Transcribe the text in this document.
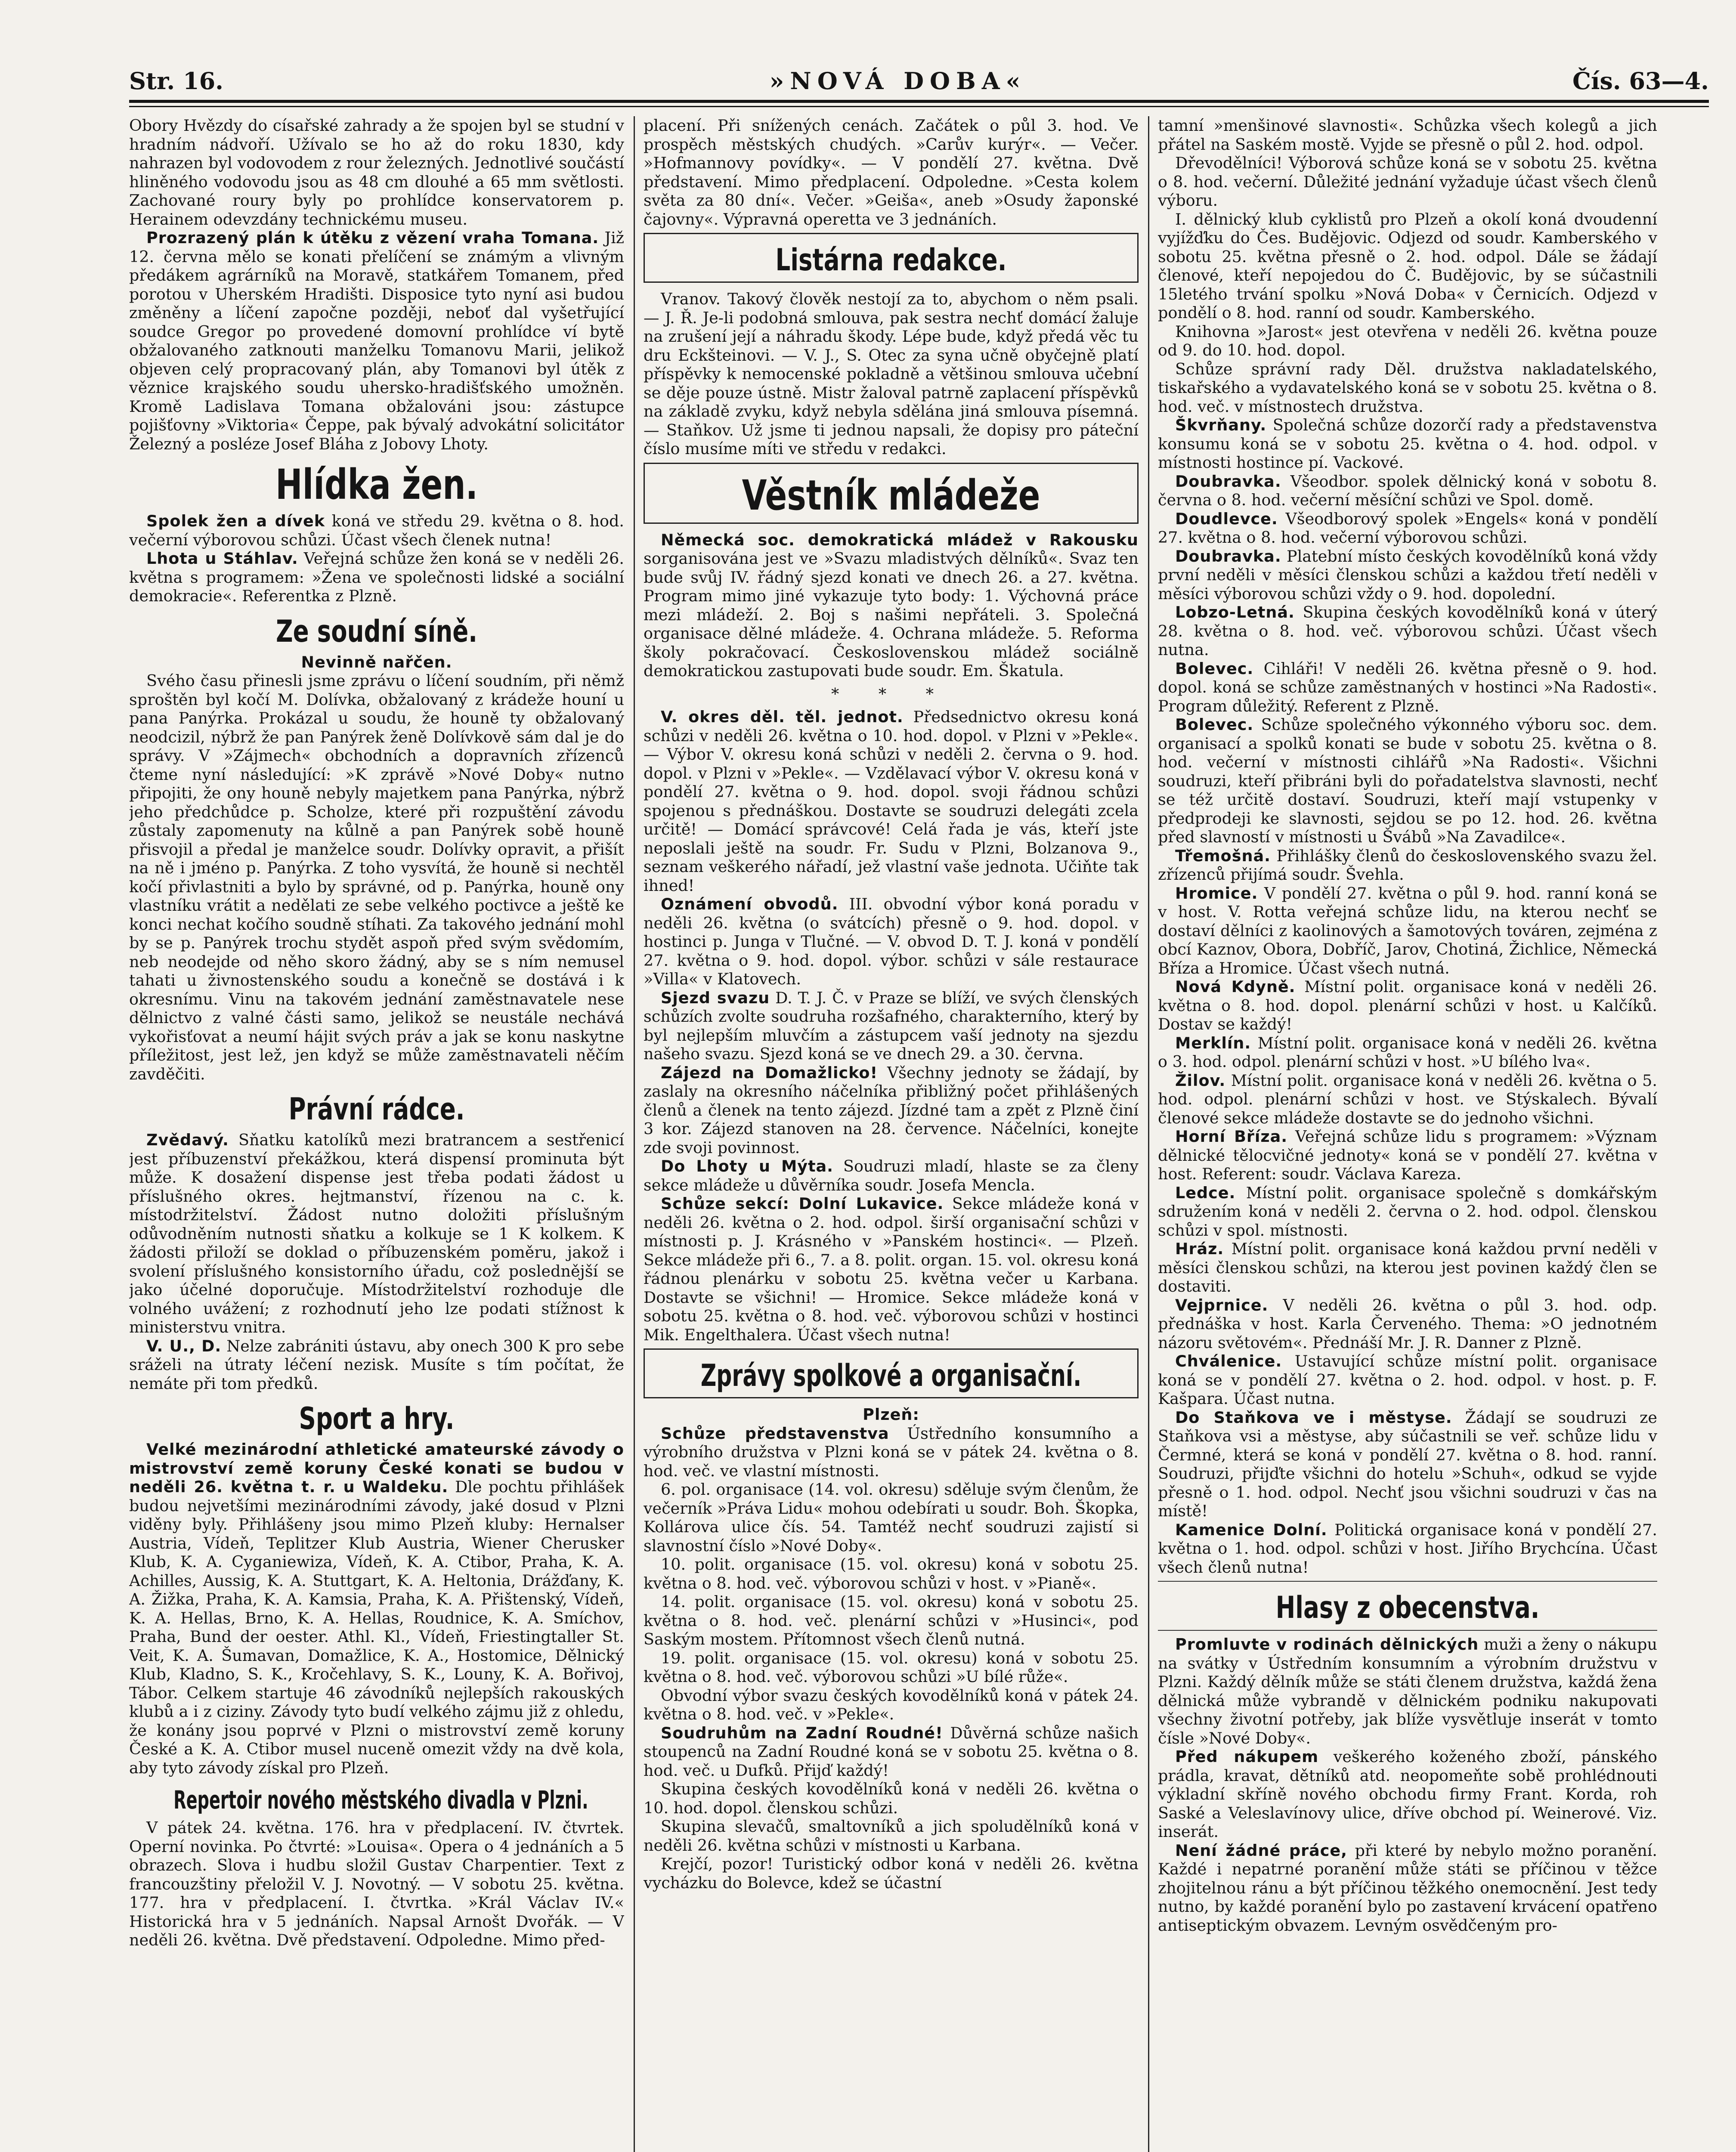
Str. 16.	»NOVÁ DOBA«	Čís. 63—4.

Obory Hvězdy do císařské zahrady a že spojen byl se studní v hradním nádvoří. Užívalo se ho až do roku 1830, kdy nahrazen byl vodovodem z rour železných. Jednotlivé součástí hliněného vodovodu jsou as 48 cm dlouhé a 65 mm světlosti. Zachované roury byly po prohlídce konservatorem p. Herainem odevzdány technickému museu.

Prozrazený plán k útěku z vězení vraha Tomana. Již 12. června mělo se konati přelíčení se známým a vlivným předákem agrárníků na Moravě, statkářem Tomanem, před porotou v Uherském Hradišti. Disposice tyto nyní asi budou změněny a líčení započne později, neboť dal vyšetřující soudce Gregor po provedené domovní prohlídce ví bytě obžalovaného zatknouti manželku Tomanovu Marii, jelikož objeven celý propracovaný plán, aby Tomanovi byl útěk z věznice krajského soudu uhersko-hradišťského umožněn. Kromě Ladislava Tomana obžalováni jsou: zástupce pojišťovny »Viktoria« Čeppe, pak bývalý advokátní solicitátor Železný a posléze Josef Bláha z Jobovy Lhoty.

Hlídka žen.

Spolek žen a dívek koná ve středu 29. května o 8. hod. večerní výborovou schůzi. Účast všech členek nutna!

Lhota u Stáhlav. Veřejná schůze žen koná se v neděli 26. května s programem: »Žena ve společnosti lidské a sociální demokracie«. Referentka z Plzně.

Ze soudní síně.
Nevinně nařčen.

Svého času přinesli jsme zprávu o líčení soudním, při němž sproštěn byl kočí M. Dolívka, obžalovaný z krádeže houní u pana Panýrka. Prokázal u soudu, že houně ty obžalovaný neodcizil, nýbrž že pan Panýrek ženě Dolívkově sám dal je do správy. V »Zájmech« obchodních a dopravních zřízenců čteme nyní následující: »K zprávě »Nové Doby« nutno připojiti, že ony houně nebyly majetkem pana Panýrka, nýbrž jeho předchůdce p. Scholze, které při rozpuštění závodu zůstaly zapomenuty na kůlně a pan Panýrek sobě houně přisvojil a předal je manželce soudr. Dolívky opravit, a přišít na ně i jméno p. Panýrka. Z toho vysvítá, že houně si nechtěl kočí přivlastniti a bylo by správné, od p. Panýrka, houně ony vlastníku vrátit a nedělati ze sebe velkého poctivce a ještě ke konci nechat kočího soudně stíhati. Za takového jednání mohl by se p. Panýrek trochu stydět aspoň před svým svědomím, neb neodejde od něho skoro žádný, aby se s ním nemusel tahati u živnostenského soudu a konečně se dostává i k okresnímu. Vinu na takovém jednání zaměstnavatele nese dělnictvo z valné části samo, jelikož se neustále nechává vykořisťovat a neumí hájit svých práv a jak se konu naskytne příležitost, jest lež, jen když se může zaměstnavateli něčím zavděčiti.

Právní rádce.

Zvědavý. Sňatku katolíků mezi bratrancem a sestřenicí jest příbuzenství překážkou, která dispensí prominuta být může. K dosažení dispense jest třeba podati žádost u příslušného okres. hejtmanství, řízenou na c. k. místodržitelství. Žádost nutno doložiti příslušným odůvodněním nutnosti sňatku a kolkuje se 1 K kolkem. K žádosti přiloží se doklad o příbuzenském poměru, jakož i svolení příslušného konsistorního úřadu, což poslednější se jako účelné doporučuje. Místodržitelství rozhoduje dle volného uvážení; z rozhodnutí jeho lze podati stížnost k ministerstvu vnitra.

V. U., D. Nelze zabrániti ústavu, aby onech 300 K pro sebe sráželi na útraty léčení nezisk. Musíte s tím počítat, že nemáte při tom předků.

Sport a hry.

Velké mezinárodní athletické amateurské závody o mistrovství země koruny České konati se budou v neděli 26. května t. r. u Waldeku. Dle pochtu přihlášek budou nejvetšími mezinárodními závody, jaké dosud v Plzni viděny byly. Přihlášeny jsou mimo Plzeň kluby: Hernalser Austria, Vídeň, Teplitzer Klub Austria, Wiener Cherusker Klub, K. A. Cyganiewiza, Vídeň, K. A. Ctibor, Praha, K. A. Achilles, Aussig, K. A. Stuttgart, K. A. Heltonia, Drážďany, K. A. Žižka, Praha, K. A. Kamsia, Praha, K. A. Přištenský, Vídeň, K. A. Hellas, Brno, K. A. Hellas, Roudnice, K. A. Smíchov, Praha, Bund der oester. Athl. Kl., Vídeň, Friestingtaller St. Veit, K. A. Šumavan, Domažlice, K. A., Hostomice, Dělnický Klub, Kladno, S. K., Kročehlavy, S. K., Louny, K. A. Bořivoj, Tábor. Celkem startuje 46 závodníků nejlepších rakouských klubů a i z ciziny. Závody tyto budí velkého zájmu již z ohledu, že konány jsou poprvé v Plzni o mistrovství země koruny České a K. A. Ctibor musel nuceně omezit vždy na dvě kola, aby tyto závody získal pro Plzeň.

Repertoir nového městského divadla v Plzni.

V pátek 24. května. 176. hra v předplacení. IV. čtvrtek. Operní novinka. Po čtvrté: »Louisa«. Opera o 4 jednáních a 5 obrazech. Slova i hudbu složil Gustav Charpentier. Text z francouzštiny přeložil V. J. Novotný. — V sobotu 25. května. 177. hra v předplacení. I. čtvrtka. »Král Václav IV.« Historická hra v 5 jednáních. Napsal Arnošt Dvořák. — V neděli 26. května. Dvě představení. Odpoledne. Mimo před-

placení. Při snížených cenách. Začátek o půl 3. hod. Ve prospěch městských chudých. »Carův kurýr«. — Večer. »Hofmannovy povídky«. — V pondělí 27. května. Dvě představení. Mimo předplacení. Odpoledne. »Cesta kolem světa za 80 dní«. Večer. »Geiša«, aneb »Osudy žaponské čajovny«. Výpravná operetta ve 3 jednáních.

Listárna redakce.

Vranov. Takový člověk nestojí za to, abychom o něm psali. — J. Ř. Je-li podobná smlouva, pak sestra nechť domácí žaluje na zrušení její a náhradu škody. Lépe bude, když předá věc tu dru Eckšteinovi. — V. J., S. Otec za syna učně obyčejně platí příspěvky k nemocenské pokladně a většinou smlouva učební se děje pouze ústně. Mistr žaloval patrně zaplacení příspěvků na základě zvyku, když nebyla sdělána jiná smlouva písemná. — Staňkov. Už jsme ti jednou napsali, že dopisy pro páteční číslo musíme míti ve středu v redakci.

Věstník mládeže

Německá soc. demokratická mládež v Rakousku sorganisována jest ve »Svazu mladistvých dělníků«. Svaz ten bude svůj IV. řádný sjezd konati ve dnech 26. a 27. května. Program mimo jiné vykazuje tyto body: 1. Výchovná práce mezi mládeží. 2. Boj s našimi nepřáteli. 3. Společná organisace dělné mládeže. 4. Ochrana mládeže. 5. Reforma školy pokračovací. Československou mládež sociálně demokratickou zastupovati bude soudr. Em. Škatula.

* * *

V. okres děl. těl. jednot. Předsednictvo okresu koná schůzi v neděli 26. května o 10. hod. dopol. v Plzni v »Pekle«. — Výbor V. okresu koná schůzi v neděli 2. června o 9. hod. dopol. v Plzni v »Pekle«. — Vzdělavací výbor V. okresu koná v pondělí 27. května o 9. hod. dopol. svoji řádnou schůzi spojenou s přednáškou. Dostavte se soudruzi delegáti zcela určitě! — Domácí správcové! Celá řada je vás, kteří jste neposlali ještě na soudr. Fr. Sudu v Plzni, Bolzanova 9., seznam veškerého nářadí, jež vlastní vaše jednota. Učiňte tak ihned!

Oznámení obvodů. III. obvodní výbor koná poradu v neděli 26. května (o svátcích) přesně o 9. hod. dopol. v hostinci p. Junga v Tlučné. — V. obvod D. T. J. koná v pondělí 27. května o 9. hod. dopol. výbor. schůzi v sále restaurace »Villa« v Klatovech.

Sjezd svazu D. T. J. Č. v Praze se blíží, ve svých členských schůzích zvolte soudruha rozšafného, charakterního, který by byl nejlepším mluvčím a zástupcem vaší jednoty na sjezdu našeho svazu. Sjezd koná se ve dnech 29. a 30. června.

Zájezd na Domažlicko! Všechny jednoty se žádají, by zaslaly na okresního náčelníka přibližný počet přihlášených členů a členek na tento zájezd. Jízdné tam a zpět z Plzně činí 3 kor. Zájezd stanoven na 28. července. Náčelníci, konejte zde svoji povinnost.

Do Lhoty u Mýta. Soudruzi mladí, hlaste se za členy sekce mládeže u důvěrníka soudr. Josefa Mencla.

Schůze sekcí: Dolní Lukavice. Sekce mládeže koná v neděli 26. května o 2. hod. odpol. širší organisační schůzi v místnosti p. J. Krásného v »Panském hostinci«. — Plzeň. Sekce mládeže při 6., 7. a 8. polit. organ. 15. vol. okresu koná řádnou plenárku v sobotu 25. května večer u Karbana. Dostavte se všichni! — Hromice. Sekce mládeže koná v sobotu 25. května o 8. hod. več. výborovou schůzi v hostinci Mik. Engelthalera. Účast všech nutna!

Zprávy spolkové a organisační.
Plzeň:

Schůze představenstva Ústředního konsumního a výrobního družstva v Plzni koná se v pátek 24. května o 8. hod. več. ve vlastní místnosti.

6. pol. organisace (14. vol. okresu) sděluje svým členům, že večerník »Práva Lidu« mohou odebírati u soudr. Boh. Škopka, Kollárova ulice čís. 54. Tamtéž nechť soudruzi zajistí si slavnostní číslo »Nové Doby«.

10. polit. organisace (15. vol. okresu) koná v sobotu 25. května o 8. hod. več. výborovou schůzi v host. v »Pianě«.

14. polit. organisace (15. vol. okresu) koná v sobotu 25. května o 8. hod. več. plenární schůzi v »Husinci«, pod Saským mostem. Přítomnost všech členů nutná.

19. polit. organisace (15. vol. okresu) koná v sobotu 25. května o 8. hod. več. výborovou schůzi »U bílé růže«.

Obvodní výbor svazu českých kovodělníků koná v pátek 24. května o 8. hod. več. v »Pekle«.

Soudruhům na Zadní Roudné! Důvěrná schůze našich stoupenců na Zadní Roudné koná se v sobotu 25. května o 8. hod. več. u Dufků. Přijď každý!

Skupina českých kovodělníků koná v neděli 26. května o 10. hod. dopol. členskou schůzi.

Skupina slevačů, smaltovníků a jich spoludělníků koná v neděli 26. května schůzi v místnosti u Karbana.

Krejčí, pozor! Turistický odbor koná v neděli 26. května vycházku do Bolevce, kdež se účastní

tamní »menšinové slavnosti«. Schůzka všech kolegů a jich přátel na Saském mostě. Vyjde se přesně o půl 2. hod. odpol.

Dřevodělníci! Výborová schůze koná se v sobotu 25. května o 8. hod. večerní. Důležité jednání vyžaduje účast všech členů výboru.

I. dělnický klub cyklistů pro Plzeň a okolí koná dvoudenní vyjížďku do Čes. Budějovic. Odjezd od soudr. Kamberského v sobotu 25. května přesně o 2. hod. odpol. Dále se žádají členové, kteří nepojedou do Č. Budějovic, by se súčastnili 15letého trvání spolku »Nová Doba« v Černicích. Odjezd v pondělí o 8. hod. ranní od soudr. Kamberského.

Knihovna »Jarost« jest otevřena v neděli 26. května pouze od 9. do 10. hod. dopol.

Schůze správní rady Děl. družstva nakladatelského, tiskařského a vydavatelského koná se v sobotu 25. května o 8. hod. več. v místnostech družstva.

Škvrňany. Společná schůze dozorčí rady a představenstva konsumu koná se v sobotu 25. května o 4. hod. odpol. v místnosti hostince pí. Vackové.

Doubravka. Všeodbor. spolek dělnický koná v sobotu 8. června o 8. hod. večerní měsíční schůzi ve Spol. domě.

Doudlevce. Všeodborový spolek »Engels« koná v pondělí 27. května o 8. hod. večerní výborovou schůzi.

Doubravka. Platební místo českých kovodělníků koná vždy první neděli v měsíci členskou schůzi a každou třetí neděli v měsíci výborovou schůzi vždy o 9. hod. dopolední.

Lobzo-Letná. Skupina českých kovodělníků koná v úterý 28. května o 8. hod. več. výborovou schůzi. Účast všech nutna.

Bolevec. Cihláři! V neděli 26. května přesně o 9. hod. dopol. koná se schůze zaměstnaných v hostinci »Na Radosti«. Program důležitý. Referent z Plzně.

Bolevec. Schůze společného výkonného výboru soc. dem. organisací a spolků konati se bude v sobotu 25. května o 8. hod. večerní v místnosti cihlářů »Na Radosti«. Všichni soudruzi, kteří přibráni byli do pořadatelstva slavnosti, nechť se též určitě dostaví. Soudruzi, kteří mají vstupenky v předprodeji ke slavnosti, sejdou se po 12. hod. 26. května před slavností v místnosti u Švábů »Na Zavadilce«.

Třemošná. Přihlášky členů do československého svazu žel. zřízenců přijímá soudr. Švehla.

Hromice. V pondělí 27. května o půl 9. hod. ranní koná se v host. V. Rotta veřejná schůze lidu, na kterou nechť se dostaví dělníci z kaolinových a šamotových továren, zejména z obcí Kaznov, Obora, Dobříč, Jarov, Chotiná, Žichlice, Německá Bříza a Hromice. Účast všech nutná.

Nová Kdyně. Místní polit. organisace koná v neděli 26. května o 8. hod. dopol. plenární schůzi v host. u Kalčíků. Dostav se každý!

Merklín. Místní polit. organisace koná v neděli 26. května o 3. hod. odpol. plenární schůzi v host. »U bílého lva«.

Žilov. Místní polit. organisace koná v neděli 26. května o 5. hod. odpol. plenární schůzi v host. ve Stýskalech. Bývalí členové sekce mládeže dostavte se do jednoho všichni.

Horní Bříza. Veřejná schůze lidu s programem: »Význam dělnické tělocvičné jednoty« koná se v pondělí 27. května v host. Referent: soudr. Václava Kareza.

Ledce. Místní polit. organisace společně s domkářským sdružením koná v neděli 2. června o 2. hod. odpol. členskou schůzi v spol. místnosti.

Hráz. Místní polit. organisace koná každou první neděli v měsíci členskou schůzi, na kterou jest povinen každý člen se dostaviti.

Vejprnice. V neděli 26. května o půl 3. hod. odp. přednáška v host. Karla Červeného. Thema: »O jednotném názoru světovém«. Přednáší Mr. J. R. Danner z Plzně.

Chválenice. Ustavující schůze místní polit. organisace koná se v pondělí 27. května o 2. hod. odpol. v host. p. F. Kašpara. Účast nutna.

Do Staňkova ve i městyse. Žádají se soudruzi ze Staňkova vsi a městyse, aby súčastnili se veř. schůze lidu v Čermné, která se koná v pondělí 27. května o 8. hod. ranní. Soudruzi, přijďte všichni do hotelu »Schuh«, odkud se vyjde přesně o 1. hod. odpol. Nechť jsou všichni soudruzi v čas na místě!

Kamenice Dolní. Politická organisace koná v pondělí 27. května o 1. hod. odpol. schůzi v host. Jiřího Brychcína. Účast všech členů nutna!

Hlasy z obecenstva.

Promluvte v rodinách dělnických muži a ženy o nákupu na svátky v Ústředním konsumním a výrobním družstvu v Plzni. Každý dělník může se státi členem družstva, každá žena dělnická může vybrandě v dělnickém podniku nakupovati všechny životní potřeby, jak blíže vysvětluje inserát v tomto čísle »Nové Doby«.

Před nákupem veškerého koženého zboží, pánského prádla, kravat, dětníků atd. neopomeňte sobě prohlédnouti výkladní skříně nového obchodu firmy Frant. Korda, roh Saské a Veleslavínovy ulice, dříve obchod pí. Weinerové. Viz. inserát.

Není žádné práce, při které by nebylo možno poranění. Každé i nepatrné poranění může státi se příčinou v těžce zhojitelnou ránu a být příčinou těžkého onemocnění. Jest tedy nutno, by každé poranění bylo po zastavení krvácení opatřeno antiseptickým obvazem. Levným osvědčeným pro-
